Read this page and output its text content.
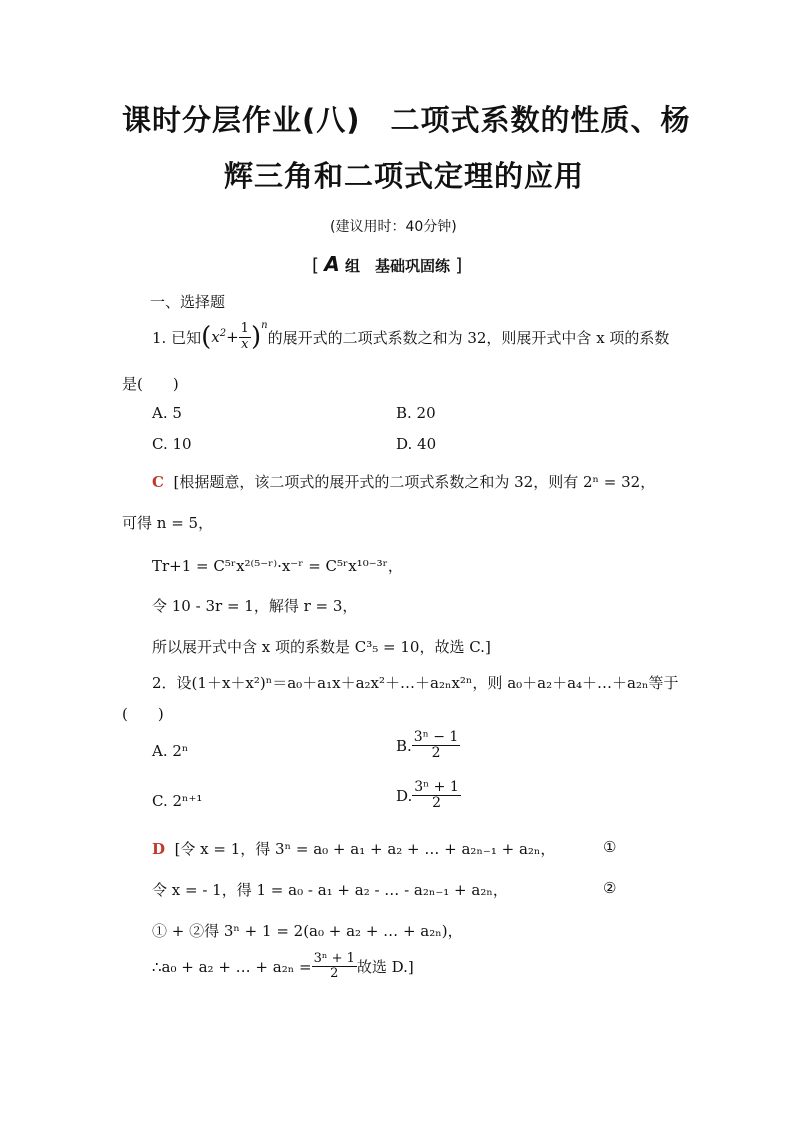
课时分层作业(八)　二项式系数的性质、杨
辉三角和二项式定理的应用
(建议用时：40分钟)
[ A 组　基础巩固练 ]
一、选择题
1. 已知 ( $x^2+ \frac{1}{x} )^n$
的展开式的二项式系数之和为 32，则展开式中含 x 项的系数
是(　　)
A. 5	B. 20
C. 10	D. 40
C [根据题意，该二项式的展开式的二项式系数之和为 32，则有 2ⁿ = 32，
可得 n = 5，
Tr+1 = C⁵ʳx²⁽⁵⁻ʳ⁾·x⁻ʳ = C⁵ʳx¹⁰⁻³ʳ，
令 10 - 3r = 1，解得 r = 3，
所以展开式中含 x 项的系数是 C³₅ = 10，故选 C.]
2．设(1＋x＋x²)ⁿ＝a₀＋a₁x＋a₂x²＋…＋a₂ₙx²ⁿ，则 a₀＋a₂＋a₄＋…＋a₂ₙ等于
(　　)
A. 2ⁿ	B. $\frac{\text{3ⁿ − 1}}{2}$
C. 2ⁿ⁺¹	D. $\frac{\text{3ⁿ + 1}}{2}$
D [令 x = 1，得 3ⁿ = a₀ + a₁ + a₂ + … + a₂ₙ₋₁ + a₂ₙ，	①
令 x = - 1，得 1 = a₀ - a₁ + a₂ - … - a₂ₙ₋₁ + a₂ₙ，	②
① + ②得 3ⁿ + 1 = 2(a₀ + a₂ + … + a₂ₙ)，
∴a₀ + a₂ + … + $a_{2n} = \frac{\text{3ⁿ + 1}}{2}$ 故选 D.]
